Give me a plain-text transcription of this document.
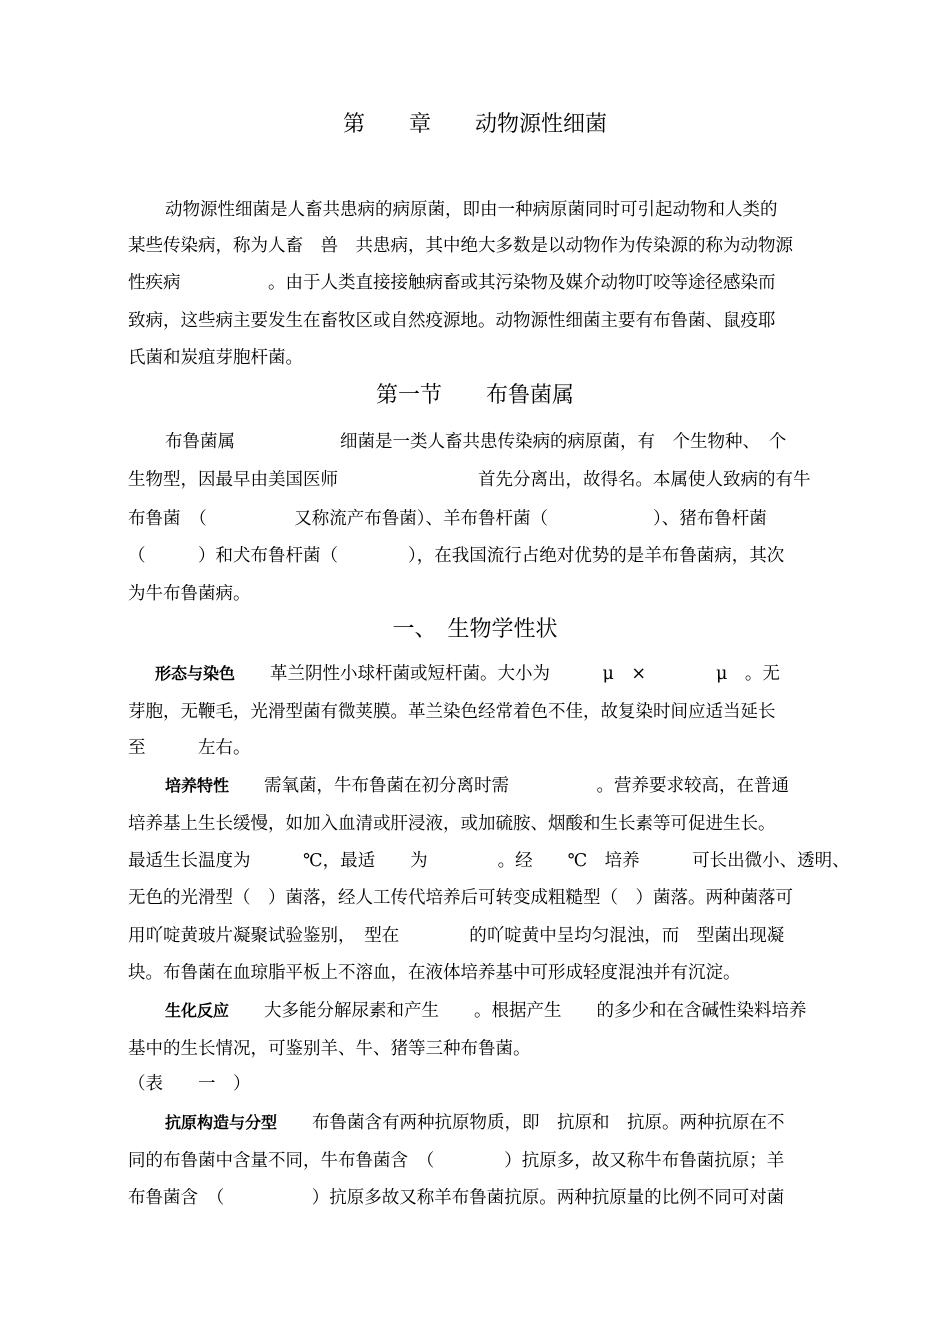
第　　章　　动物源性细菌
动物源性细菌是人畜共患病的病原菌，即由一种病原菌同时可引起动物和人类的
某些传染病，称为人畜　兽　共患病，其中绝大多数是以动物作为传染源的称为动物源
性疾病　　　　　。由于人类直接接触病畜或其污染物及媒介动物叮咬等途径感染而
致病，这些病主要发生在畜牧区或自然疫源地。动物源性细菌主要有布鲁菌、鼠疫耶
氏菌和炭疽芽胞杆菌。
第一节　　布鲁菌属
布鲁菌属　　　　　　细菌是一类人畜共患传染病的病原菌，有　个生物种、　个
生物型，因最早由美国医师　　　　　　　　首先分离出，故得名。本属使人致病的有牛
布鲁菌　（　　　　　又称流产布鲁菌）、羊布鲁杆菌（　　　　　　）、猪布鲁杆菌
（　　　）和犬布鲁杆菌（　　　　），在我国流行占绝对优势的是羊布鲁菌病，其次
为牛布鲁菌病。
一、　生物学性状
形态与染色　　 革兰阴性小球杆菌或短杆菌。大小为　　　μ　×　　　　μ　。无
芽胞，无鞭毛，光滑型菌有微荚膜。革兰染色经常着色不佳，故复染时间应适当延长
至　　　左右。
培养特性　　 需氧菌，牛布鲁菌在初分离时需　　　　　。营养要求较高，在普通
培养基上生长缓慢，如加入血清或肝浸液，或加硫胺、烟酸和生长素等可促进生长。
最适生长温度为　　　℃，最适　　为　　　　。经　　℃　培养　　　可长出微小、透明、
无色的光滑型（　）菌落，经人工传代培养后可转变成粗糙型（　）菌落。两种菌落可
用吖啶黄玻片凝聚试验鉴别，　型在　　　　的吖啶黄中呈均匀混浊，而　型菌出现凝
块。布鲁菌在血琼脂平板上不溶血，在液体培养基中可形成轻度混浊并有沉淀。
生化反应　　 大多能分解尿素和产生　　。根据产生　　的多少和在含碱性染料培养
基中的生长情况，可鉴别羊、牛、猪等三种布鲁菌。
（表　　一　）
抗原构造与分型　　 布鲁菌含有两种抗原物质，即　抗原和　抗原。两种抗原在不
同的布鲁菌中含量不同，牛布鲁菌含　（　　　　）抗原多，故又称牛布鲁菌抗原；羊
布鲁菌含　（　　　　　）抗原多故又称羊布鲁菌抗原。两种抗原量的比例不同可对菌
